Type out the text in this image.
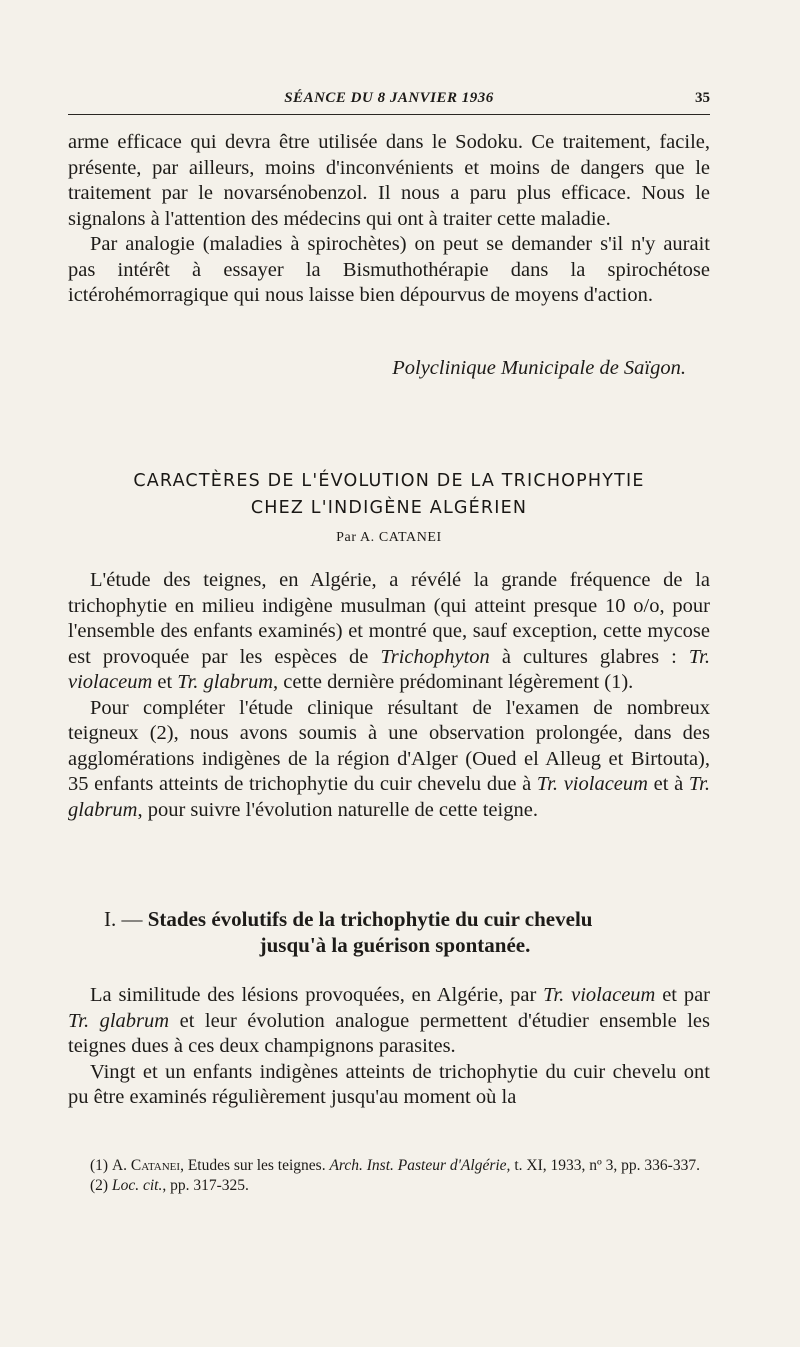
SÉANCE DU 8 JANVIER 1936	35

arme efficace qui devra être utilisée dans le Sodoku. Ce traitement, facile, présente, par ailleurs, moins d'inconvénients et moins de dangers que le traitement par le novarsénobenzol. Il nous a paru plus efficace. Nous le signalons à l'attention des médecins qui ont à traiter cette maladie.

Par analogie (maladies à spirochètes) on peut se demander s'il n'y aurait pas intérêt à essayer la Bismuthothérapie dans la spirochétose ictérohémorragique qui nous laisse bien dépourvus de moyens d'action.

Polyclinique Municipale de Saïgon.
CARACTÈRES DE L'ÉVOLUTION DE LA TRICHOPHYTIE
CHEZ L'INDIGÈNE ALGÉRIEN
Par A. CATANEI

L'étude des teignes, en Algérie, a révélé la grande fréquence de la trichophytie en milieu indigène musulman (qui atteint presque 10 o/o, pour l'ensemble des enfants examinés) et montré que, sauf exception, cette mycose est provoquée par les espèces de Trichophyton à cultures glabres : Tr. violaceum et Tr. glabrum, cette dernière prédominant légèrement (1).

Pour compléter l'étude clinique résultant de l'examen de nombreux teigneux (2), nous avons soumis à une observation prolongée, dans des agglomérations indigènes de la région d'Alger (Oued el Alleug et Birtouta), 35 enfants atteints de trichophytie du cuir chevelu due à Tr. violaceum et à Tr. glabrum, pour suivre l'évolution naturelle de cette teigne.

I. — Stades évolutifs de la trichophytie du cuir chevelu
jusqu'à la guérison spontanée.

La similitude des lésions provoquées, en Algérie, par Tr. violaceum et par Tr. glabrum et leur évolution analogue permettent d'étudier ensemble les teignes dues à ces deux champignons parasites.

Vingt et un enfants indigènes atteints de trichophytie du cuir chevelu ont pu être examinés régulièrement jusqu'au moment où la

(1) A. Catanei, Etudes sur les teignes. Arch. Inst. Pasteur d'Algérie, t. XI, 1933, nº 3, pp. 336-337.

(2) Loc. cit., pp. 317-325.
